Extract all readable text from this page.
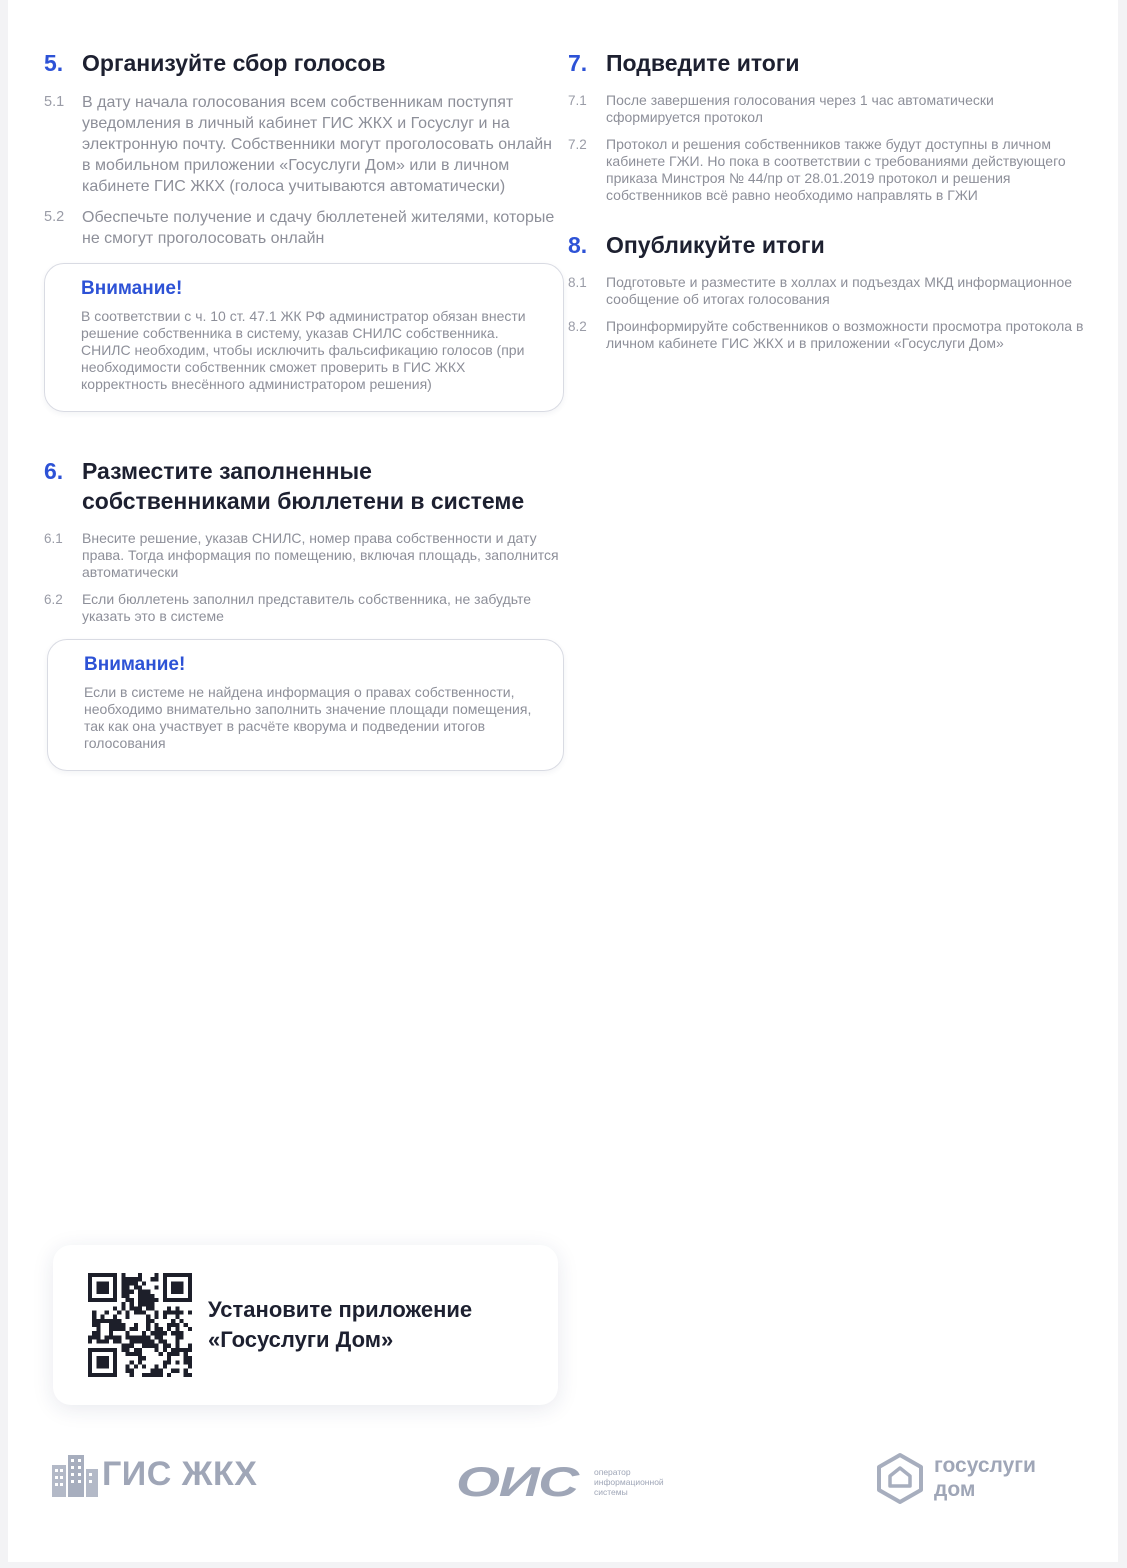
5. Организуйте сбор голосов
5.1	В дату начала голосования всем собственникам поступят уведомления в личный кабинет ГИС ЖКХ и Госуслуг и на электронную почту. Собственники могут проголосовать онлайн в мобильном приложении «Госуслуги Дом» или в личном кабинете ГИС ЖКХ (голоса учитываются автоматически)
5.2	Обеспечьте получение и сдачу бюллетеней жителями, которые не смогут проголосовать онлайн
Внимание!
В соответствии с ч. 10 ст. 47.1 ЖК РФ администратор обязан внести решение собственника в систему, указав СНИЛС собственника. СНИЛС необходим, чтобы исключить фальсификацию голосов (при необходимости собственник сможет проверить в ГИС ЖКХ корректность внесённого администратором решения)
6. Разместите заполненные собственниками бюллетени в системе
6.1	Внесите решение, указав СНИЛС, номер права собственности и дату права. Тогда информация по помещению, включая площадь, заполнится автоматически
6.2	Если бюллетень заполнил представитель собственника, не забудьте указать это в системе
Внимание!
Если в системе не найдена информация о правах собственности, необходимо внимательно заполнить значение площади помещения, так как она участвует в расчёте кворума и подведении итогов голосования
7. Подведите итоги
7.1	После завершения голосования через 1 час автоматически сформируется протокол
7.2	Протокол и решения собственников также будут доступны в личном кабинете ГЖИ. Но пока в соответствии с требованиями действующего приказа Минстроя № 44/пр от 28.01.2019 протокол и решения собственников всё равно необходимо направлять в ГЖИ
8. Опубликуйте итоги
8.1	Подготовьте и разместите в холлах и подъездах МКД информационное сообщение об итогах голосования
8.2	Проинформируйте собственников о возможности просмотра протокола в личном кабинете ГИС ЖКХ и в приложении «Госуслуги Дом»
Установите приложение
«Госуслуги Дом»
ГИС ЖКХ	ОИС	оператор
информационной
системы
госуслуги
дом
